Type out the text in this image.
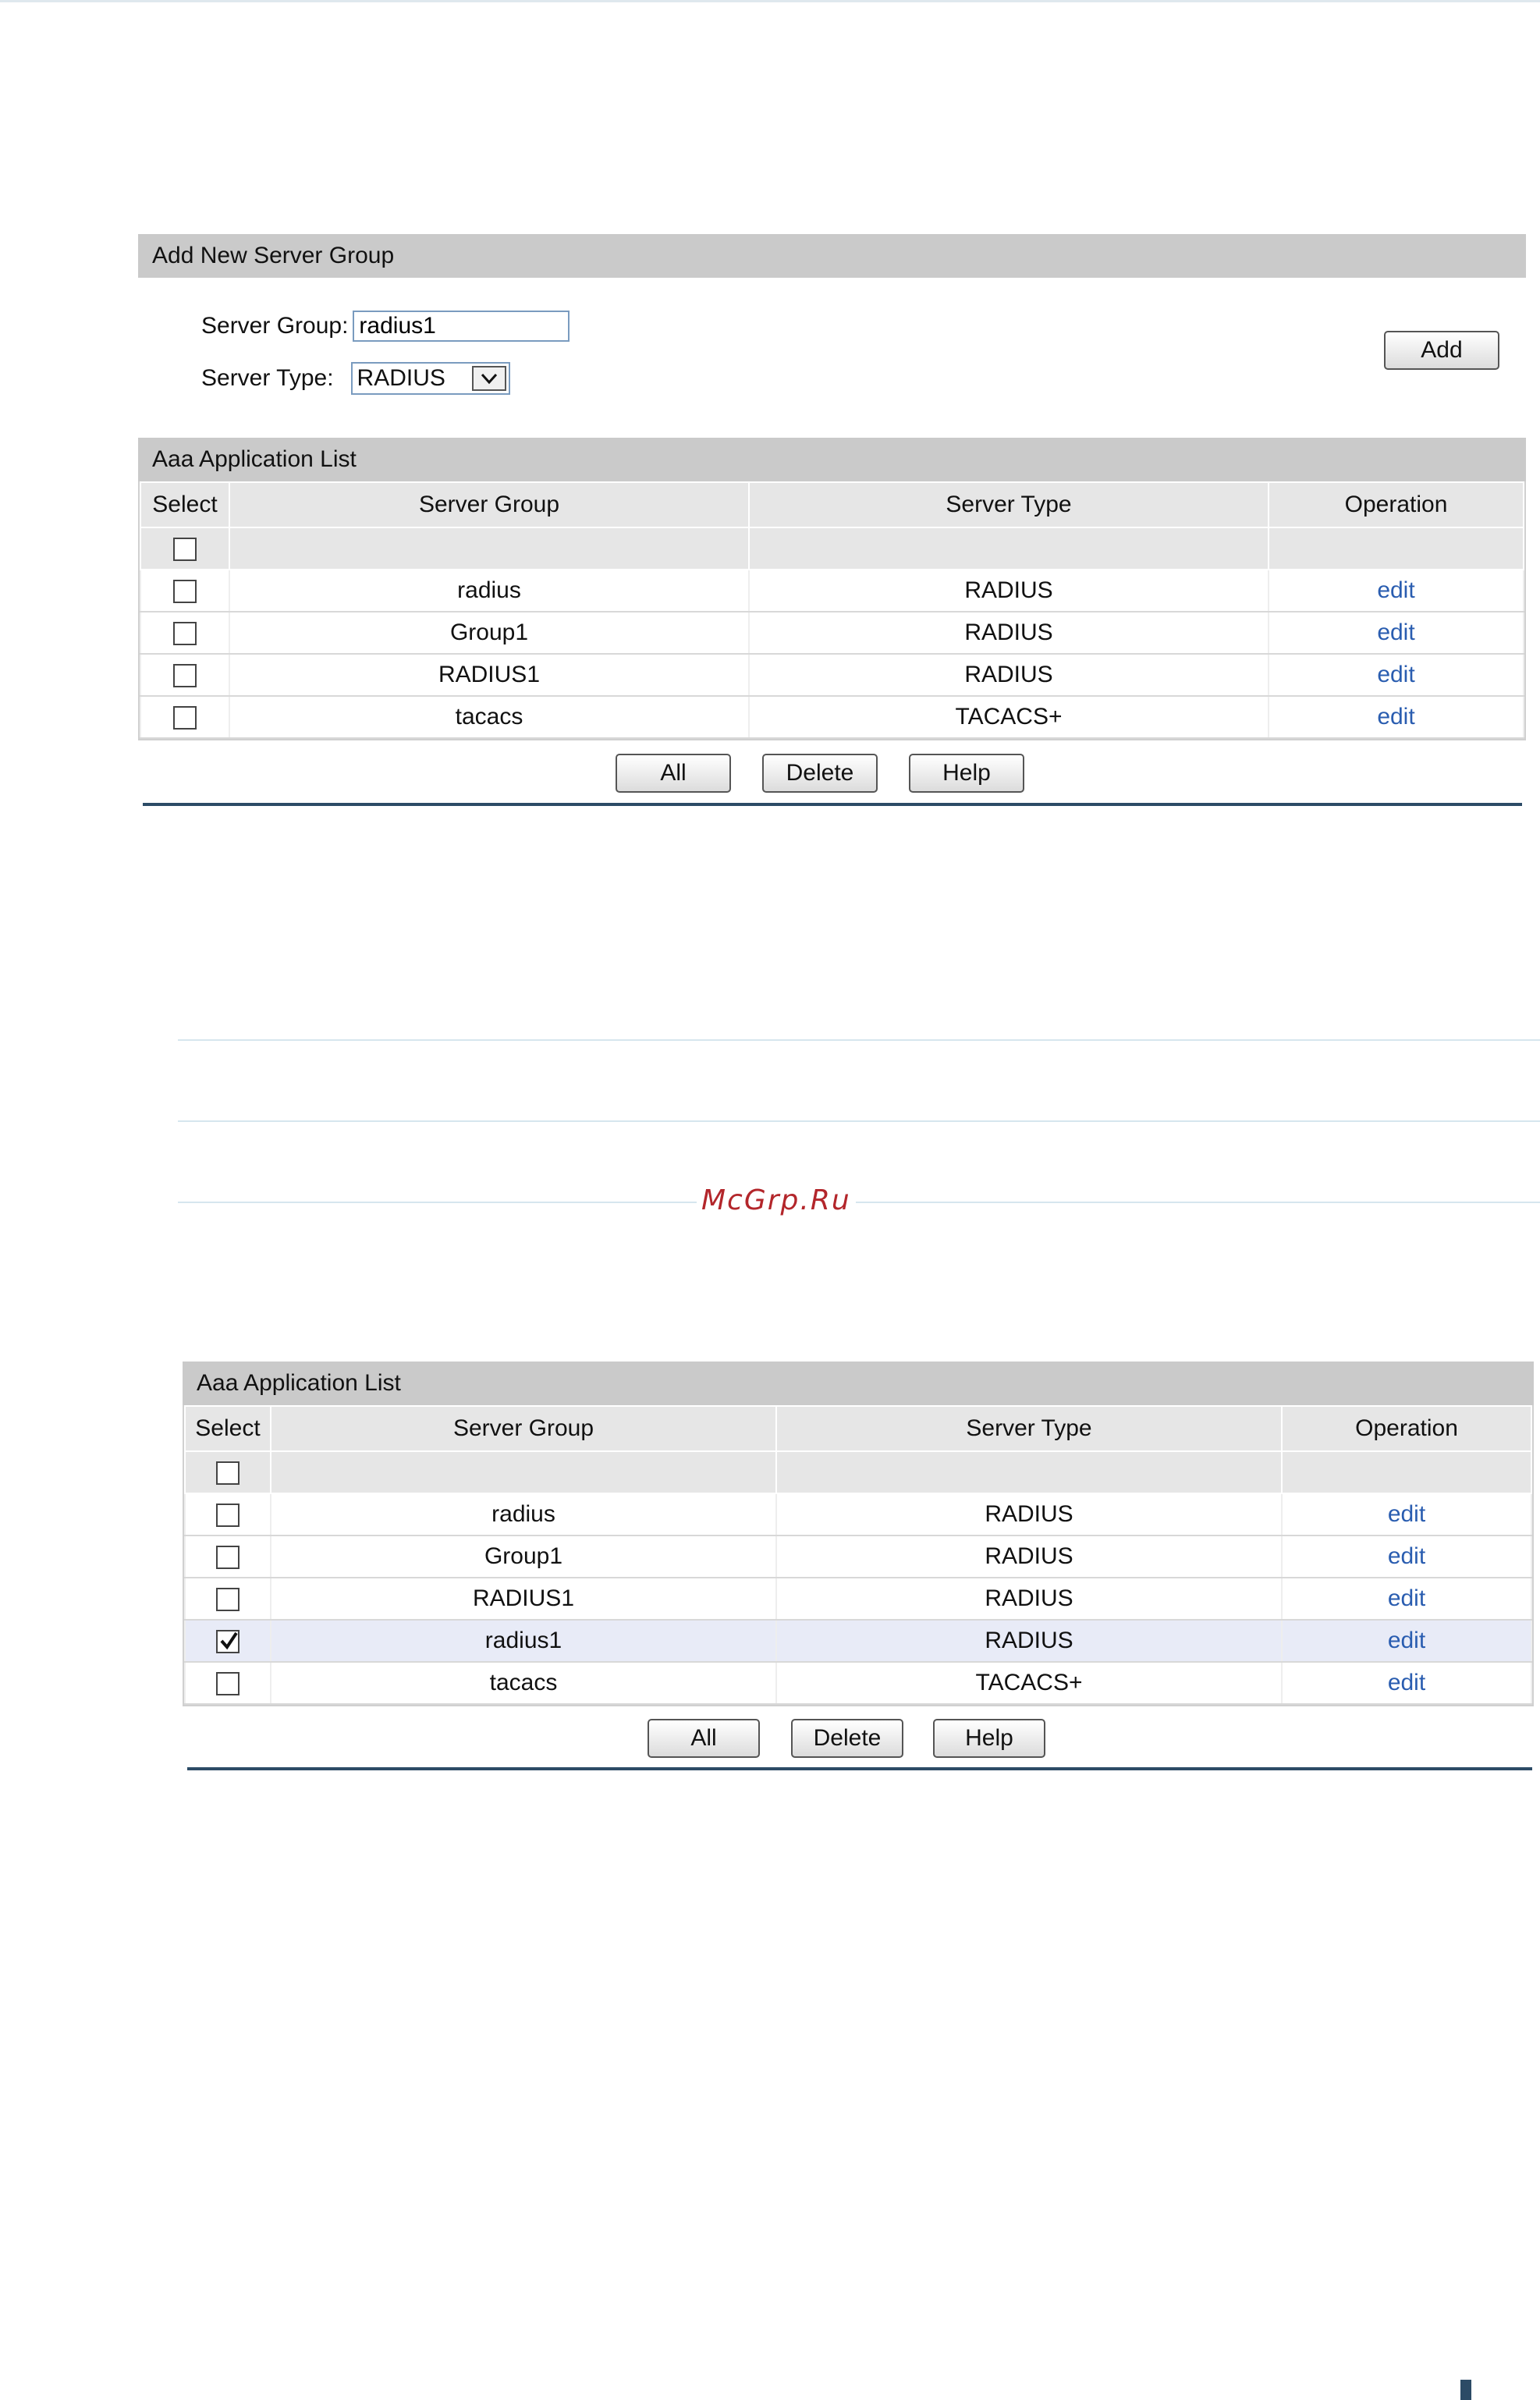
Add New Server Group
Server Group:
radius1
Server Type: RADIUS
Add
Aaa Application List
Select	Server Group	Server Type	Operation

	radius	RADIUS	edit
	Group1	RADIUS	edit
	RADIUS1	RADIUS	edit
	tacacs	TACACS+	edit
All	Delete	Help
McGrp.Ru
Aaa Application List
Select	Server Group	Server Type	Operation

	radius	RADIUS	edit
	Group1	RADIUS	edit
	RADIUS1	RADIUS	edit

	radius1	RADIUS	edit
	tacacs	TACACS+	edit
All	Delete	Help
